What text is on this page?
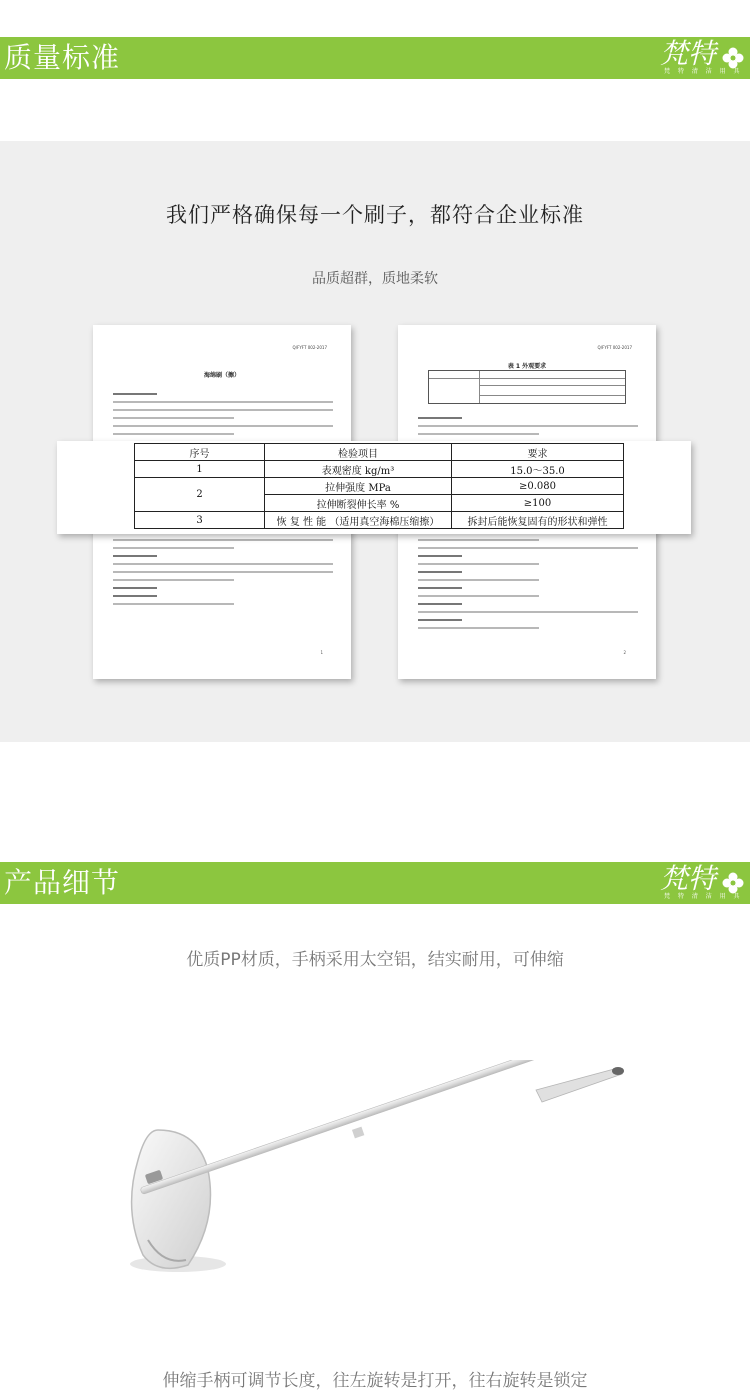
质量标准	梵特
梵 特 清 洁 用 具
我们严格确保每一个刷子，都符合企业标准
品质超群，质地柔软
Q/FYFT 002-2017
海绵刷（擦）
1
Q/FYFT 002-2017
表 1 外观要求
2
序号	检验项目	要求
1	表观密度 kg/m³	15.0～35.0
2	拉伸强度 MPa	≥0.080
	拉伸断裂伸长率 %	≥100
3	恢 复 性 能 （适用真空海棉压缩擦）	拆封后能恢复固有的形状和弹性
产品细节	梵特
梵 特 清 洁 用 具
优质PP材质，手柄采用太空铝，结实耐用，可伸缩
伸缩手柄可调节长度，往左旋转是打开，往右旋转是锁定
